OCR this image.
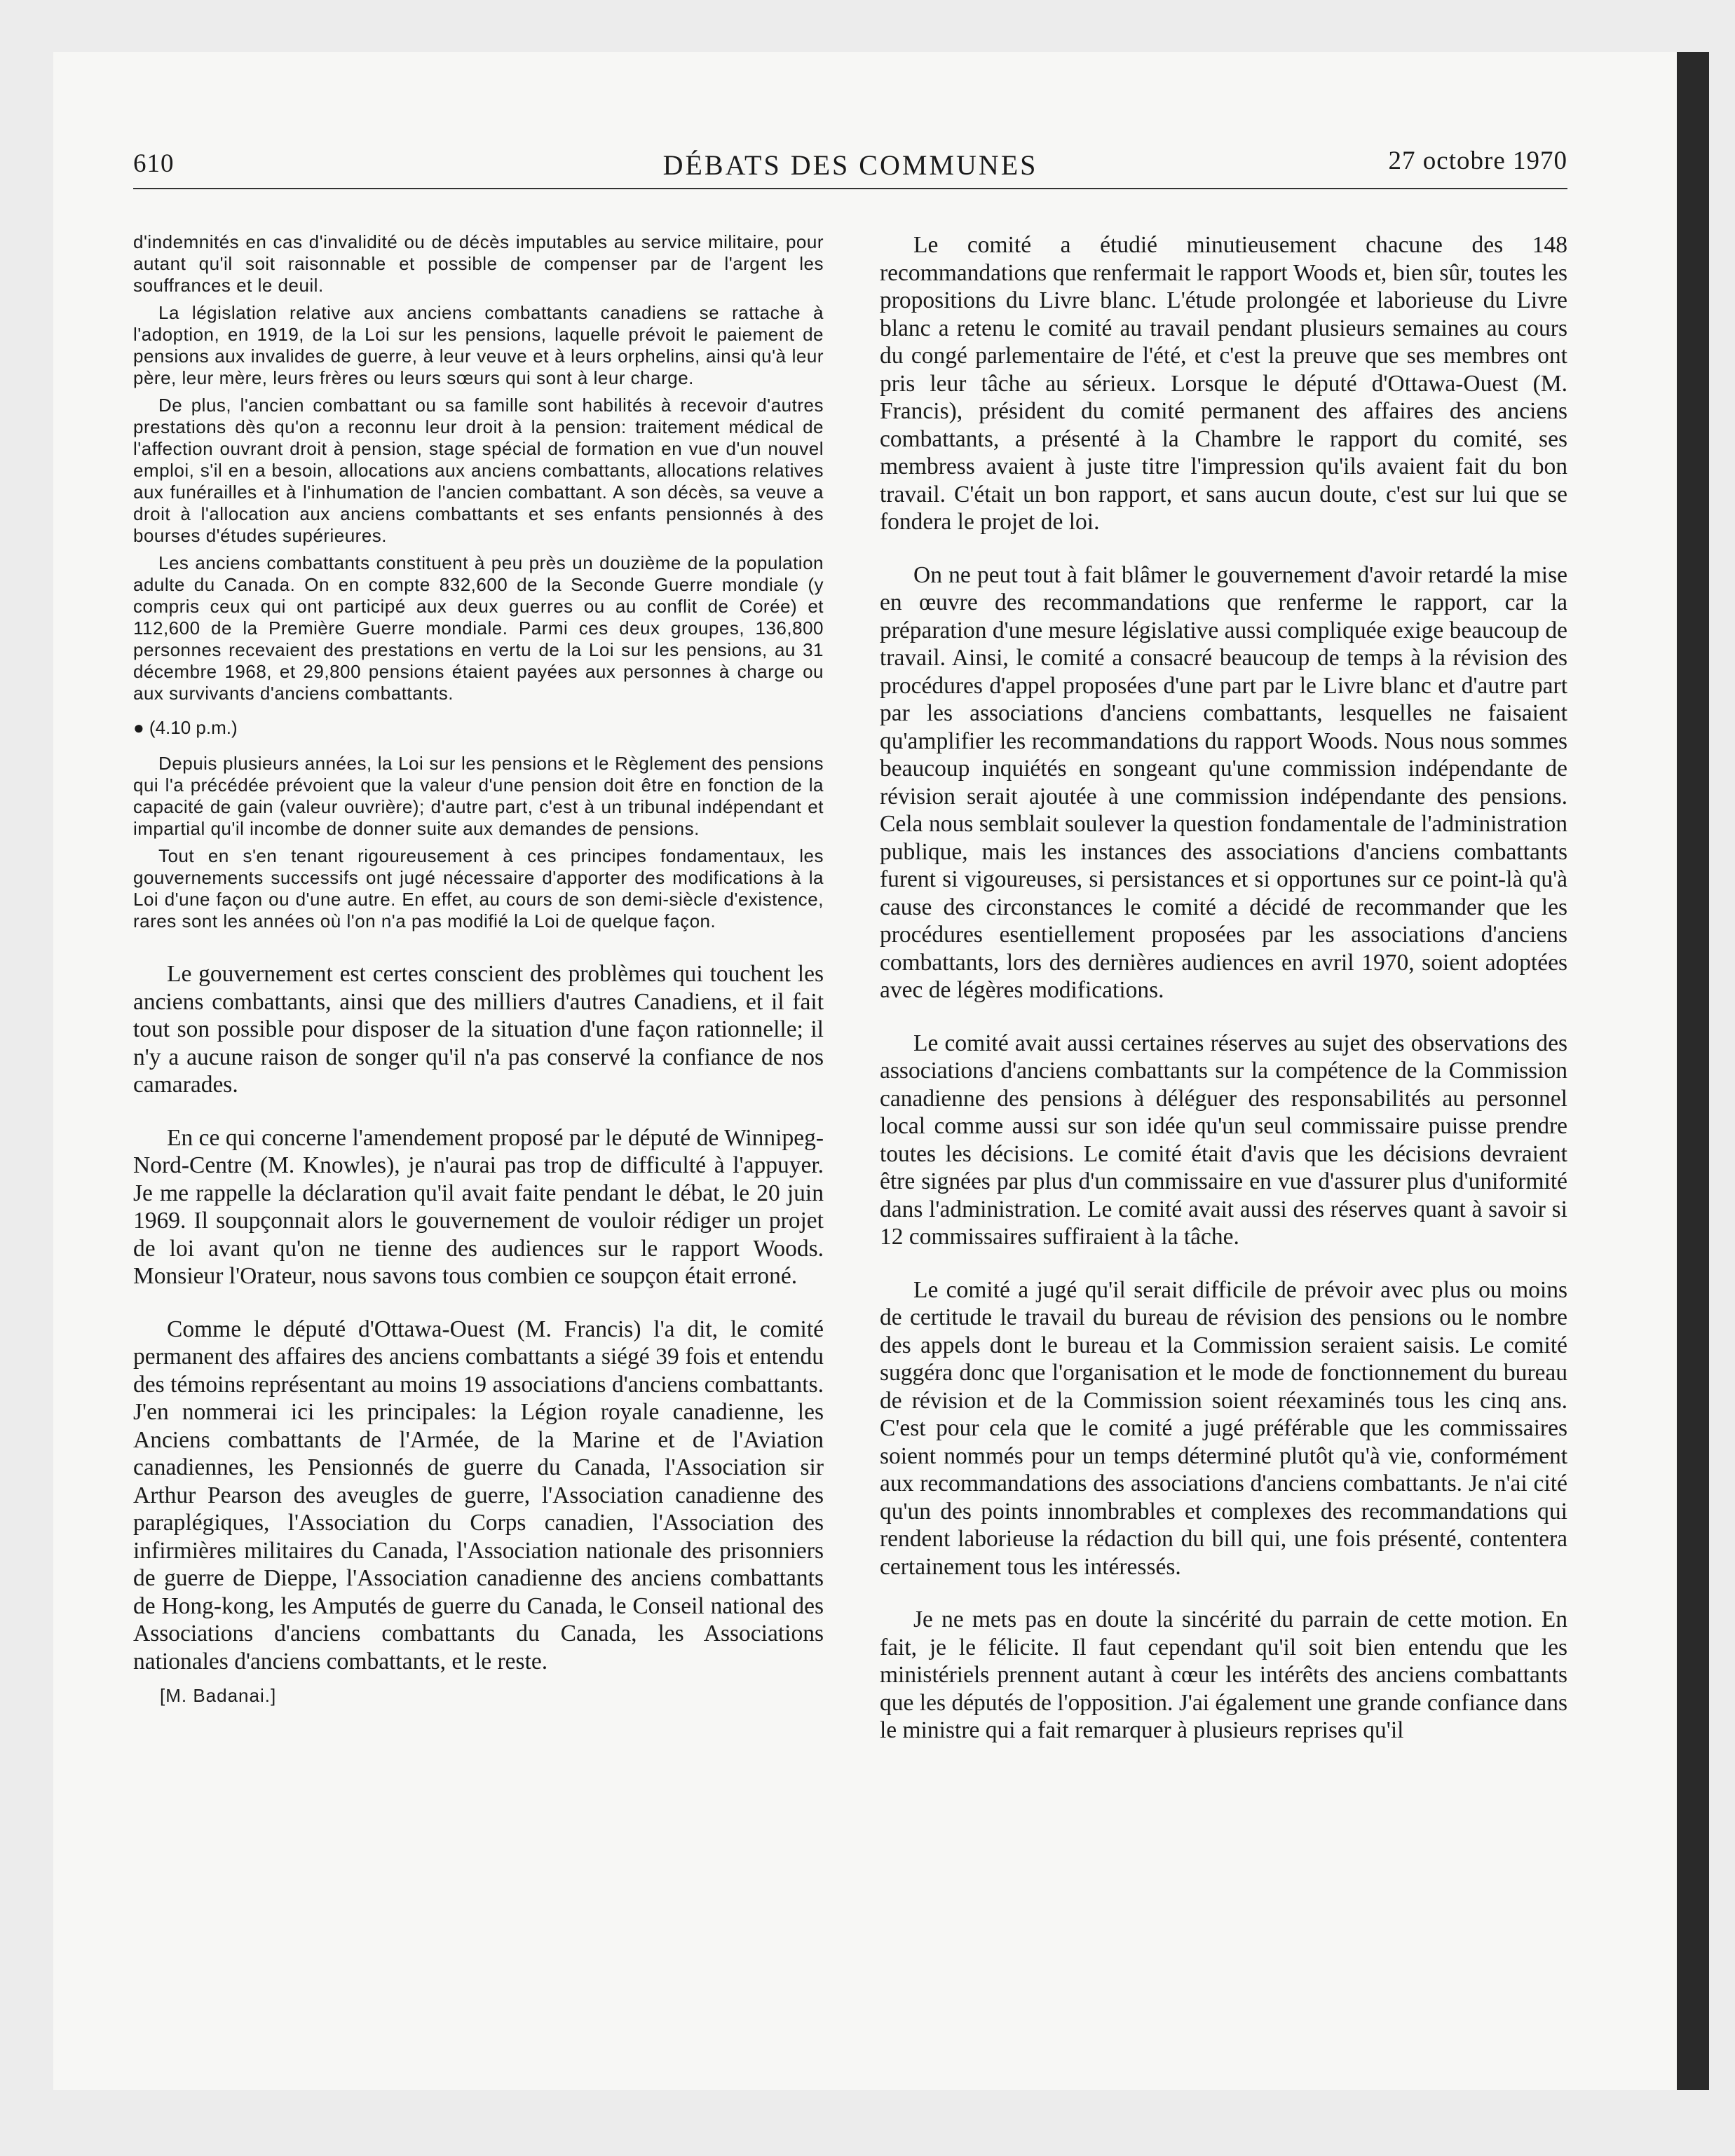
610	DÉBATS DES COMMUNES	27 octobre 1970

d'indemnités en cas d'invalidité ou de décès imputables au service militaire, pour autant qu'il soit raisonnable et possible de compenser par de l'argent les souffrances et le deuil.

La législation relative aux anciens combattants canadiens se rattache à l'adoption, en 1919, de la Loi sur les pensions, laquelle prévoit le paiement de pensions aux invalides de guerre, à leur veuve et à leurs orphelins, ainsi qu'à leur père, leur mère, leurs frères ou leurs sœurs qui sont à leur charge.

De plus, l'ancien combattant ou sa famille sont habilités à recevoir d'autres prestations dès qu'on a reconnu leur droit à la pension: traitement médical de l'affection ouvrant droit à pension, stage spécial de formation en vue d'un nouvel emploi, s'il en a besoin, allocations aux anciens combattants, allocations relatives aux funérailles et à l'inhumation de l'ancien combattant. A son décès, sa veuve a droit à l'allocation aux anciens combattants et ses enfants pensionnés à des bourses d'études supérieures.

Les anciens combattants constituent à peu près un douzième de la population adulte du Canada. On en compte 832,600 de la Seconde Guerre mondiale (y compris ceux qui ont participé aux deux guerres ou au conflit de Corée) et 112,600 de la Première Guerre mondiale. Parmi ces deux groupes, 136,800 personnes recevaient des prestations en vertu de la Loi sur les pensions, au 31 décembre 1968, et 29,800 pensions étaient payées aux personnes à charge ou aux survivants d'anciens combattants.

● (4.10 p.m.)

Depuis plusieurs années, la Loi sur les pensions et le Règlement des pensions qui l'a précédée prévoient que la valeur d'une pension doit être en fonction de la capacité de gain (valeur ouvrière); d'autre part, c'est à un tribunal indépendant et impartial qu'il incombe de donner suite aux demandes de pensions.

Tout en s'en tenant rigoureusement à ces principes fondamentaux, les gouvernements successifs ont jugé nécessaire d'apporter des modifications à la Loi d'une façon ou d'une autre. En effet, au cours de son demi-siècle d'existence, rares sont les années où l'on n'a pas modifié la Loi de quelque façon.

Le gouvernement est certes conscient des problèmes qui touchent les anciens combattants, ainsi que des milliers d'autres Canadiens, et il fait tout son possible pour disposer de la situation d'une façon rationnelle; il n'y a aucune raison de songer qu'il n'a pas conservé la confiance de nos camarades.

En ce qui concerne l'amendement proposé par le député de Winnipeg-Nord-Centre (M. Knowles), je n'aurai pas trop de difficulté à l'appuyer. Je me rappelle la déclaration qu'il avait faite pendant le débat, le 20 juin 1969. Il soupçonnait alors le gouvernement de vouloir rédiger un projet de loi avant qu'on ne tienne des audiences sur le rapport Woods. Monsieur l'Orateur, nous savons tous combien ce soupçon était erroné.

Comme le député d'Ottawa-Ouest (M. Francis) l'a dit, le comité permanent des affaires des anciens combattants a siégé 39 fois et entendu des témoins représentant au moins 19 associations d'anciens combattants. J'en nommerai ici les principales: la Légion royale canadienne, les Anciens combattants de l'Armée, de la Marine et de l'Aviation canadiennes, les Pensionnés de guerre du Canada, l'Association sir Arthur Pearson des aveugles de guerre, l'Association canadienne des paraplégiques, l'Association du Corps canadien, l'Association des infirmières militaires du Canada, l'Association nationale des prisonniers de guerre de Dieppe, l'Association canadienne des anciens combattants de Hong-kong, les Amputés de guerre du Canada, le Conseil national des Associations d'anciens combattants du Canada, les Associations nationales d'anciens combattants, et le reste.

[M. Badanai.]

Le comité a étudié minutieusement chacune des 148 recommandations que renfermait le rapport Woods et, bien sûr, toutes les propositions du Livre blanc. L'étude prolongée et laborieuse du Livre blanc a retenu le comité au travail pendant plusieurs semaines au cours du congé parlementaire de l'été, et c'est la preuve que ses membres ont pris leur tâche au sérieux. Lorsque le député d'Ottawa-Ouest (M. Francis), président du comité permanent des affaires des anciens combattants, a présenté à la Chambre le rapport du comité, ses membress avaient à juste titre l'impression qu'ils avaient fait du bon travail. C'était un bon rapport, et sans aucun doute, c'est sur lui que se fondera le projet de loi.

On ne peut tout à fait blâmer le gouvernement d'avoir retardé la mise en œuvre des recommandations que renferme le rapport, car la préparation d'une mesure législative aussi compliquée exige beaucoup de travail. Ainsi, le comité a consacré beaucoup de temps à la révision des procédures d'appel proposées d'une part par le Livre blanc et d'autre part par les associations d'anciens combattants, lesquelles ne faisaient qu'amplifier les recommandations du rapport Woods. Nous nous sommes beaucoup inquiétés en songeant qu'une commission indépendante de révision serait ajoutée à une commission indépendante des pensions. Cela nous semblait soulever la question fondamentale de l'administration publique, mais les instances des associations d'anciens combattants furent si vigoureuses, si persistances et si opportunes sur ce point-là qu'à cause des circonstances le comité a décidé de recommander que les procédures esentiellement proposées par les associations d'anciens combattants, lors des dernières audiences en avril 1970, soient adoptées avec de légères modifications.

Le comité avait aussi certaines réserves au sujet des observations des associations d'anciens combattants sur la compétence de la Commission canadienne des pensions à déléguer des responsabilités au personnel local comme aussi sur son idée qu'un seul commissaire puisse prendre toutes les décisions. Le comité était d'avis que les décisions devraient être signées par plus d'un commissaire en vue d'assurer plus d'uniformité dans l'administration. Le comité avait aussi des réserves quant à savoir si 12 commissaires suffiraient à la tâche.

Le comité a jugé qu'il serait difficile de prévoir avec plus ou moins de certitude le travail du bureau de révision des pensions ou le nombre des appels dont le bureau et la Commission seraient saisis. Le comité suggéra donc que l'organisation et le mode de fonctionnement du bureau de révision et de la Commission soient réexaminés tous les cinq ans. C'est pour cela que le comité a jugé préférable que les commissaires soient nommés pour un temps déterminé plutôt qu'à vie, conformément aux recommandations des associations d'anciens combattants. Je n'ai cité qu'un des points innombrables et complexes des recommandations qui rendent laborieuse la rédaction du bill qui, une fois présenté, contentera certainement tous les intéressés.

Je ne mets pas en doute la sincérité du parrain de cette motion. En fait, je le félicite. Il faut cependant qu'il soit bien entendu que les ministériels prennent autant à cœur les intérêts des anciens combattants que les députés de l'opposition. J'ai également une grande confiance dans le ministre qui a fait remarquer à plusieurs reprises qu'il
